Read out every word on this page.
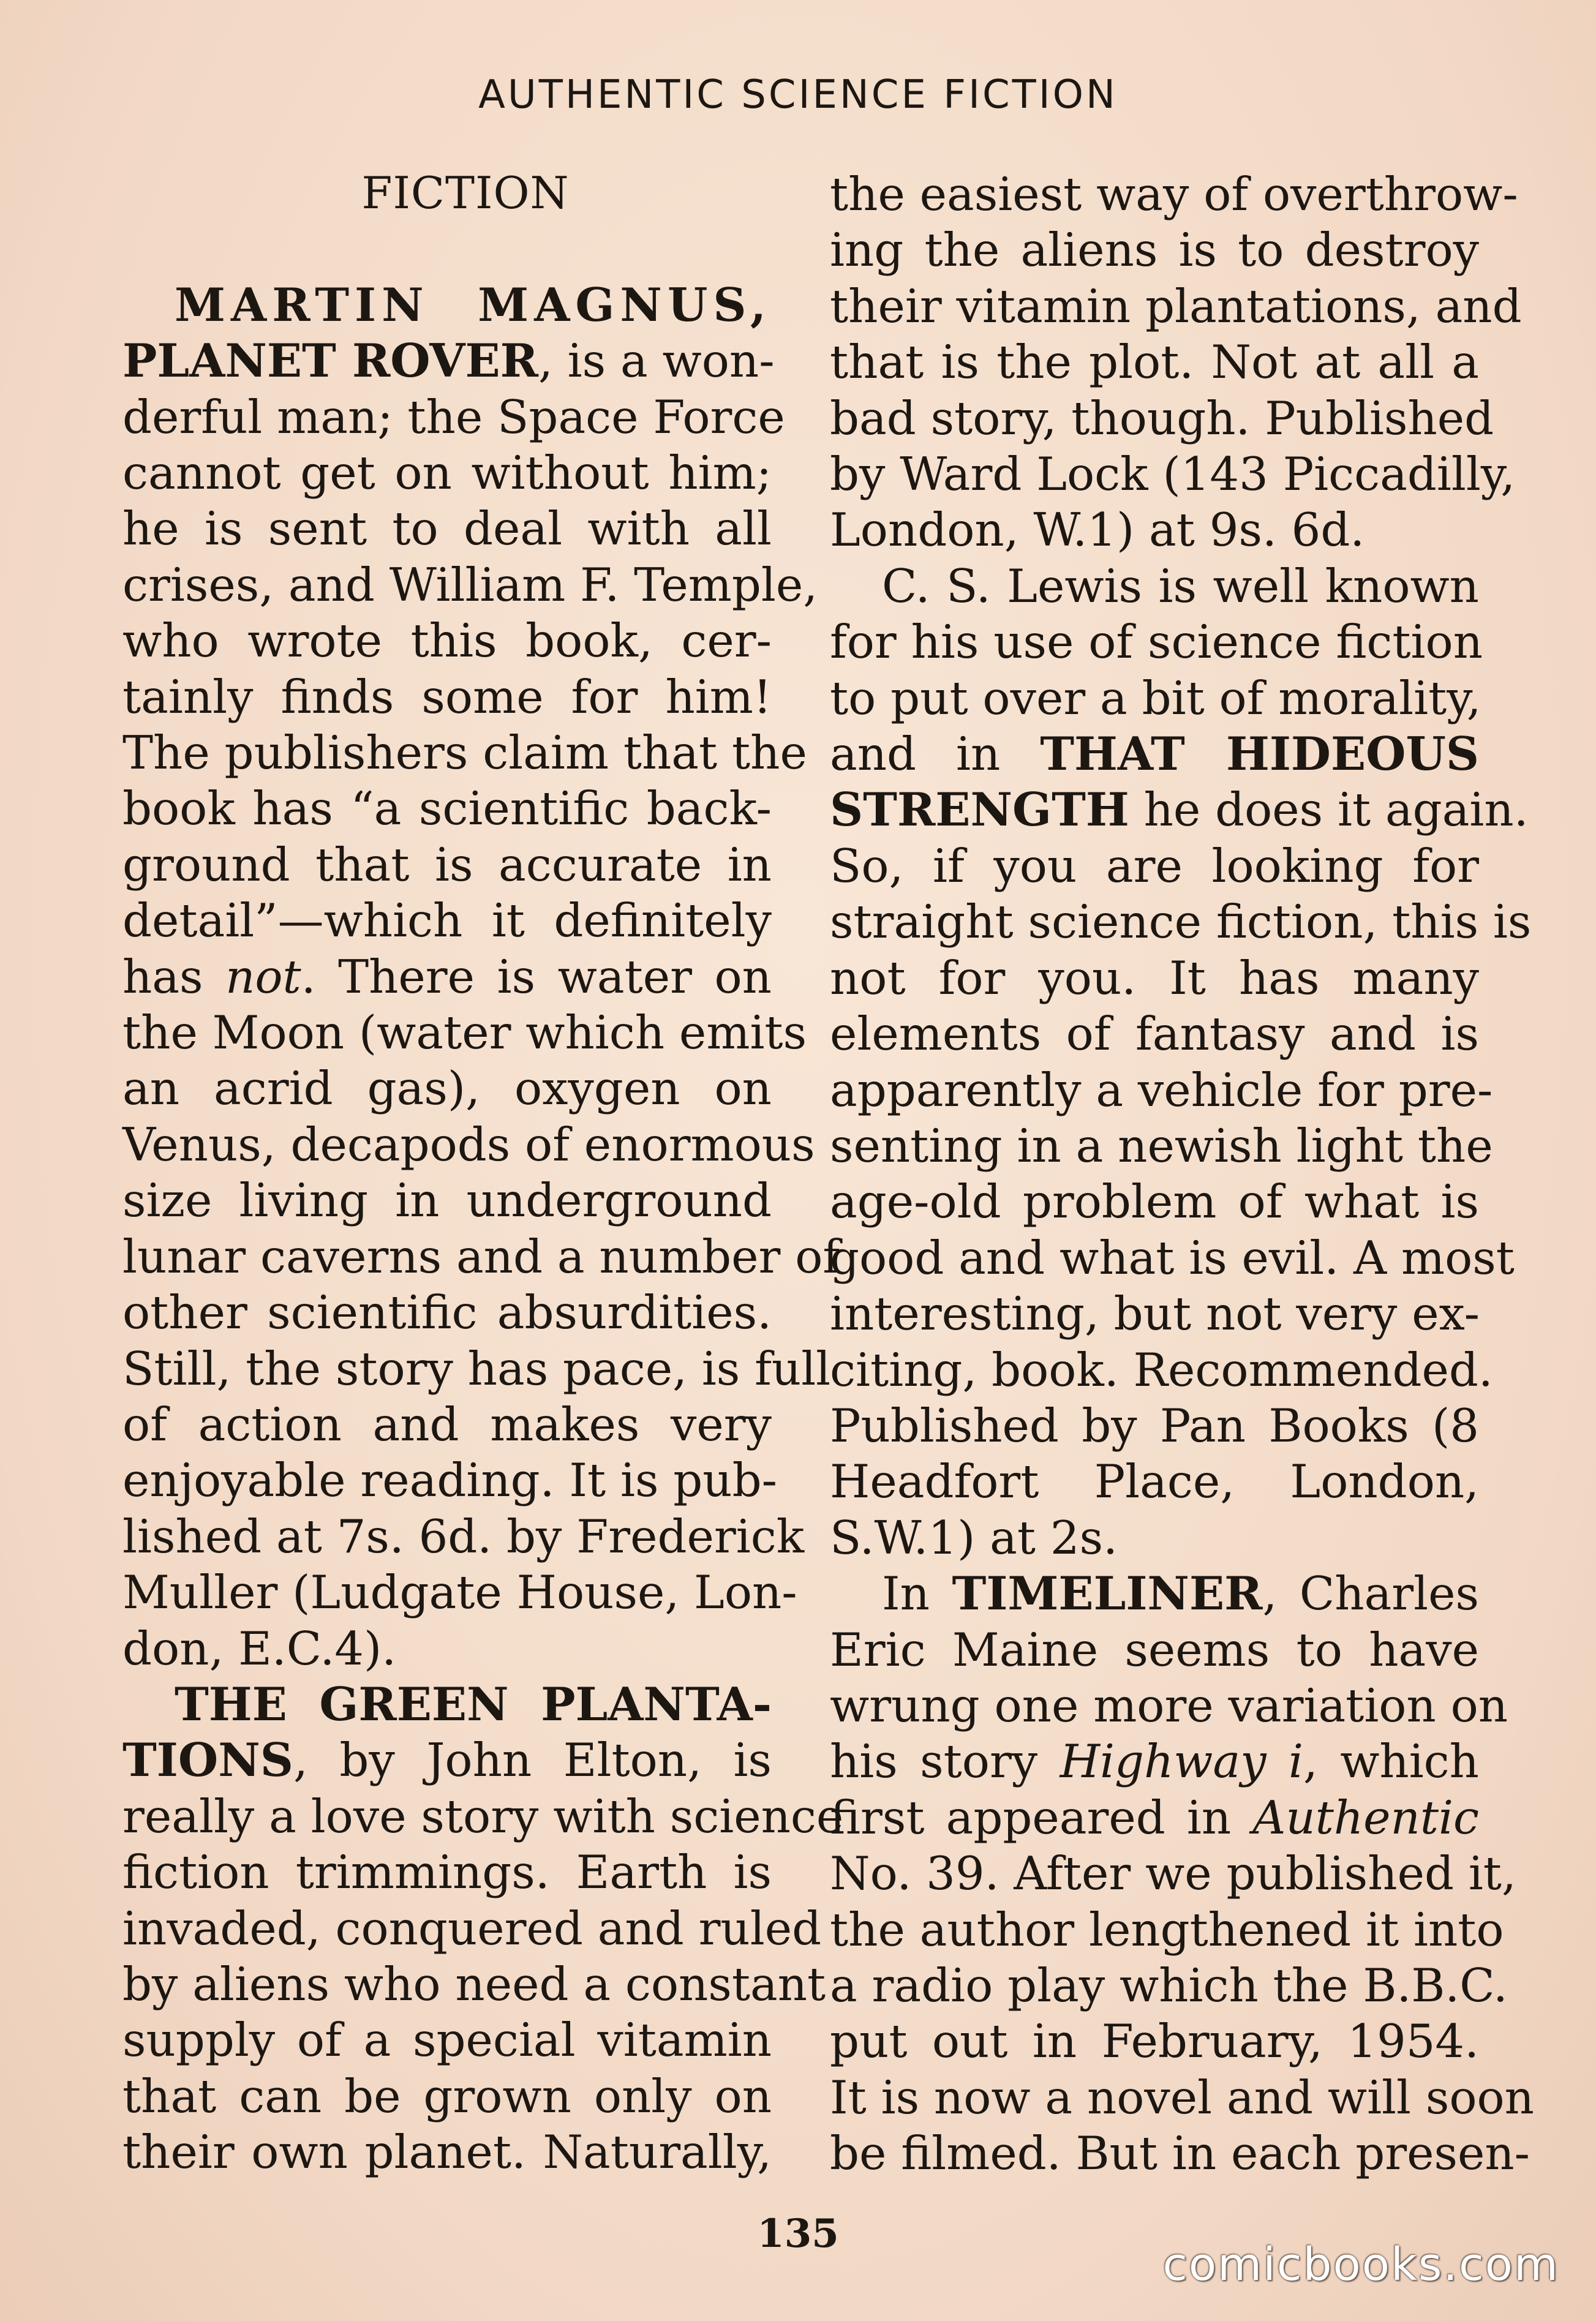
AUTHENTIC SCIENCE FICTION
FICTION
MARTIN MAGNUS,
PLANET ROVER, is a won-
derful man; the Space Force
cannot get on without him;
he is sent to deal with all
crises, and William F. Temple,
who wrote this book, cer-
tainly finds some for him!
The publishers claim that the
book has “a scientific back-
ground that is accurate in
detail”—which it definitely
has not. There is water on
the Moon (water which emits
an acrid gas), oxygen on
Venus, decapods of enormous
size living in underground
lunar caverns and a number of
other scientific absurdities.
Still, the story has pace, is full
of action and makes very
enjoyable reading. It is pub-
lished at 7s. 6d. by Frederick
Muller (Ludgate House, Lon-
don, E.C.4).
THE GREEN PLANTA-
TIONS, by John Elton, is
really a love story with science
fiction trimmings. Earth is
invaded, conquered and ruled
by aliens who need a constant
supply of a special vitamin
that can be grown only on
their own planet. Naturally,
the easiest way of overthrow-
ing the aliens is to destroy
their vitamin plantations, and
that is the plot. Not at all a
bad story, though. Published
by Ward Lock (143 Piccadilly,
London, W.1) at 9s. 6d.
C. S. Lewis is well known
for his use of science fiction
to put over a bit of morality,
and in THAT HIDEOUS
STRENGTH he does it again.
So, if you are looking for
straight science fiction, this is
not for you. It has many
elements of fantasy and is
apparently a vehicle for pre-
senting in a newish light the
age-old problem of what is
good and what is evil. A most
interesting, but not very ex-
citing, book. Recommended.
Published by Pan Books (8
Headfort Place, London,
S.W.1) at 2s.
In TIMELINER, Charles
Eric Maine seems to have
wrung one more variation on
his story Highway i, which
first appeared in Authentic
No. 39. After we published it,
the author lengthened it into
a radio play which the B.B.C.
put out in February, 1954.
It is now a novel and will soon
be filmed. But in each presen-
135
comicbooks.com
